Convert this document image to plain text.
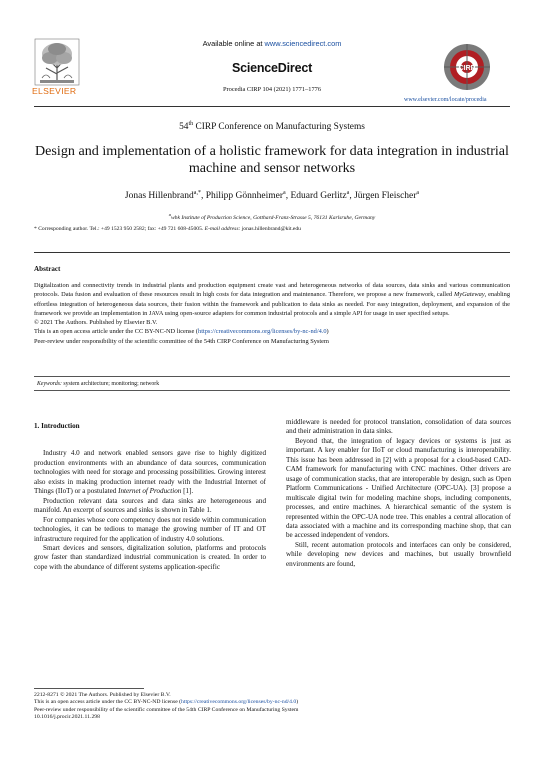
Available online at www.sciencedirect.com
ScienceDirect
Procedia CIRP 104 (2021) 1771–1776
ELSEVIER
CIRP
www.elsevier.com/locate/procedia
54th CIRP Conference on Manufacturing Systems
Design and implementation of a holistic framework for data integration in industrial machine and sensor networks
Jonas Hillenbrand$^{a,*}$, Philipp Gönnheimer$^a$, Eduard Gerlitz$^a$, Jürgen Fleischer$^a$
$^a$wbk Institute of Production Science, Gotthard-Franz-Strasse 5, 76131 Karlsruhe, Germany
* Corresponding author. Tel.: +49 1523 950 2582; fax: +49 721 608-45005. E-mail address: jonas.hillenbrand@kit.edu
Abstract

Digitalization and connectivity trends in industrial plants and production equipment create vast and heterogeneous networks of data sources, data sinks and various communication protocols. Data fusion and evaluation of these resources result in high costs for data integration and maintenance. Therefore, we propose a new framework, called MyGateway, enabling effortless integration of heterogeneous data sources, their fusion within the framework and publication to data sinks as needed. For easy integration, deployment, and expansion of the framework we provide an implementation in JAVA using open-source adapters for common industrial protocols and a simple API for usage in user specified setups.

© 2021 The Authors. Published by Elsevier B.V.

This is an open access article under the CC BY-NC-ND license (https://creativecommons.org/licenses/by-nc-nd/4.0)

Peer-review under responsibility of the scientific committee of the 54th CIRP Conference on Manufacturing System

Keywords: system architecture; monitoring; network
1. Introduction

Industry 4.0 and network enabled sensors gave rise to highly digitized production environments with an abundance of data sources, communication technologies with need for storage and processing possibilities. Growing interest also exists in making production internet ready with the Industrial Internet of Things (IIoT) or a postulated Internet of Production [1].

Production relevant data sources and data sinks are heterogeneous and manifold. An excerpt of sources and sinks is shown in Table 1.

For companies whose core competency does not reside within communication technologies, it can be tedious to manage the growing number of IT and OT infrastructure required for the application of industry 4.0 solutions.

Smart devices and sensors, digitalization solution, platforms and protocols grow faster than standardized industrial communication is created. In order to cope with the abundance of different systems application-specific

middleware is needed for protocol translation, consolidation of data sources and their administration in data sinks.

Beyond that, the integration of legacy devices or systems is just as important. A key enabler for IIoT or cloud manufacturing is interoperability. This issue has been addressed in [2] with a proposal for a cloud-based CAD-CAM framework for manufacturing with CNC machines. Other drivers are usage of communication stacks, that are interoperable by design, such as Open Platform Communications - Unified Architecture (OPC-UA). [3] propose a multiscale digital twin for modeling machine shops, including components, processes, and entire machines. A hierarchical semantic of the system is represented within the OPC-UA node tree. This enables a central allocation of data associated with a machine and its corresponding machine shop, that can be accessed independent of vendors.

Still, recent automation protocols and interfaces can only be considered, while developing new devices and machines, but usually brownfield environments are found,

2212-8271 © 2021 The Authors. Published by Elsevier B.V.
This is an open access article under the CC BY-NC-ND license (https://creativecommons.org/licenses/by-nc-nd/4.0)
Peer-review under responsibility of the scientific committee of the 54th CIRP Conference on Manufacturing System
10.1016/j.procir.2021.11.298
